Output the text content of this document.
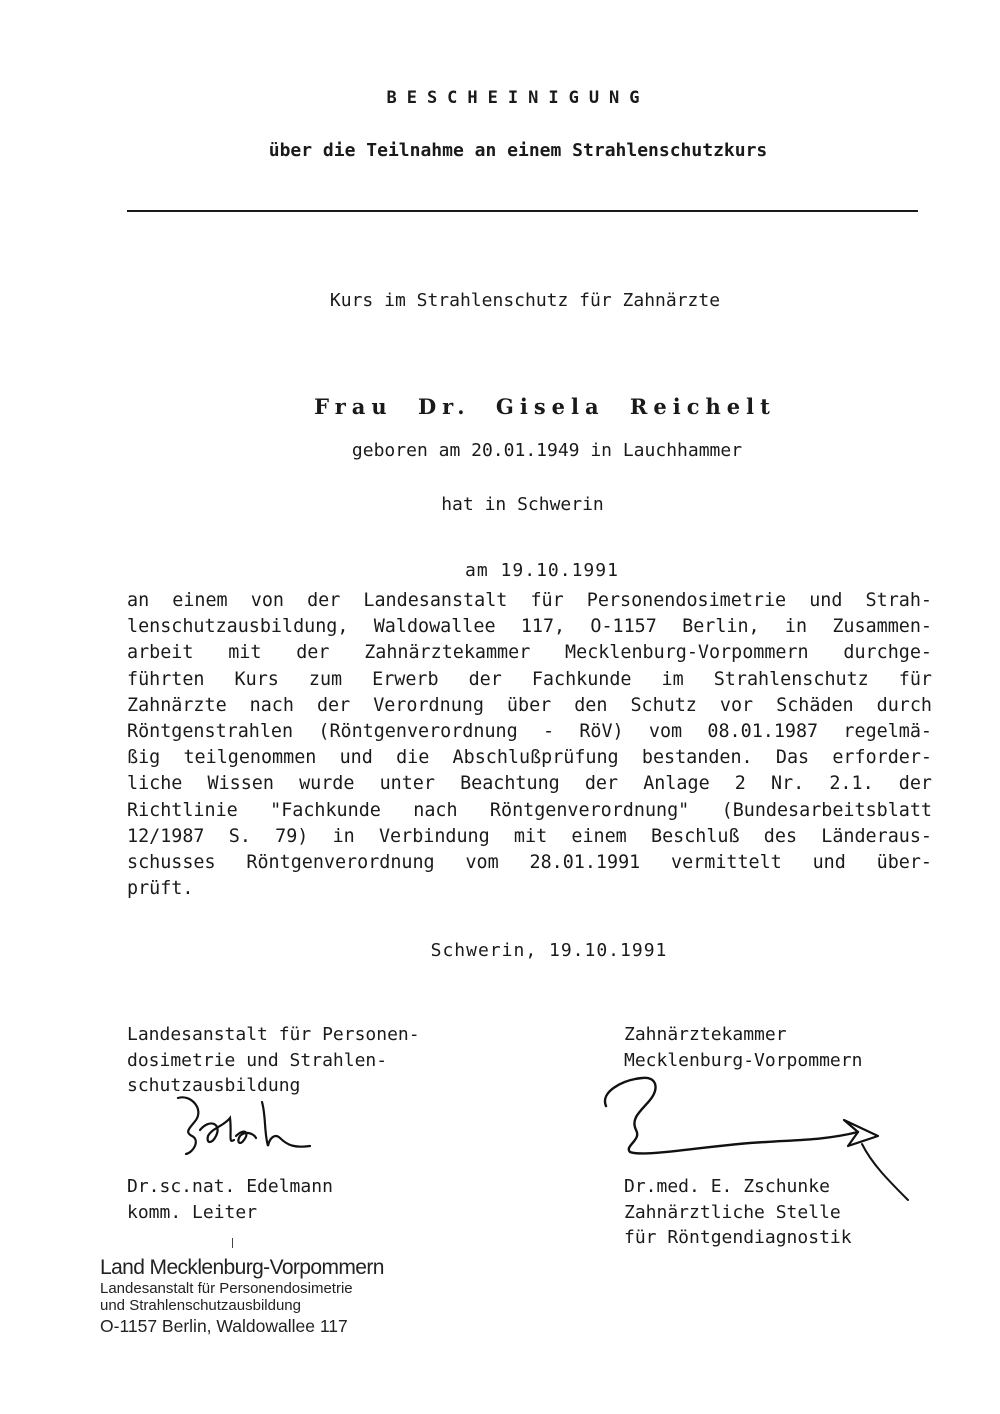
BESCHEINIGUNG

über die Teilnahme an einem Strahlenschutzkurs

Kurs im Strahlenschutz für Zahnärzte

Frau Dr. Gisela Reichelt

geboren am 20.01.1949 in Lauchhammer

hat in Schwerin

am 19.10.1991

an einem von der Landesanstalt für Personendosimetrie und Strah-
lenschutzausbildung, Waldowallee 117, O-1157 Berlin, in Zusammen-
arbeit mit der Zahnärztekammer Mecklenburg-Vorpommern durchge-
führten Kurs zum Erwerb der Fachkunde im Strahlenschutz für
Zahnärzte nach der Verordnung über den Schutz vor Schäden durch
Röntgenstrahlen (Röntgenverordnung - RöV) vom 08.01.1987 regelmä-
ßig teilgenommen und die Abschlußprüfung bestanden. Das erforder-
liche Wissen wurde unter Beachtung der Anlage 2 Nr. 2.1. der
Richtlinie "Fachkunde nach Röntgenverordnung" (Bundesarbeitsblatt
12/1987 S. 79) in Verbindung mit einem Beschluß des Länderaus-
schusses Röntgenverordnung vom 28.01.1991 vermittelt und über-
prüft.

Schwerin, 19.10.1991

Landesanstalt für Personen-
dosimetrie und Strahlen-
schutzausbildung
Zahnärztekammer
Mecklenburg-Vorpommern
Dr.sc.nat. Edelmann
komm. Leiter
Dr.med. E. Zschunke
Zahnärztliche Stelle
für Röntgendiagnostik
Land Mecklenburg-Vorpommern
Landesanstalt für Personendosimetrie
und Strahlenschutzausbildung
O-1157 Berlin, Waldowallee 117
